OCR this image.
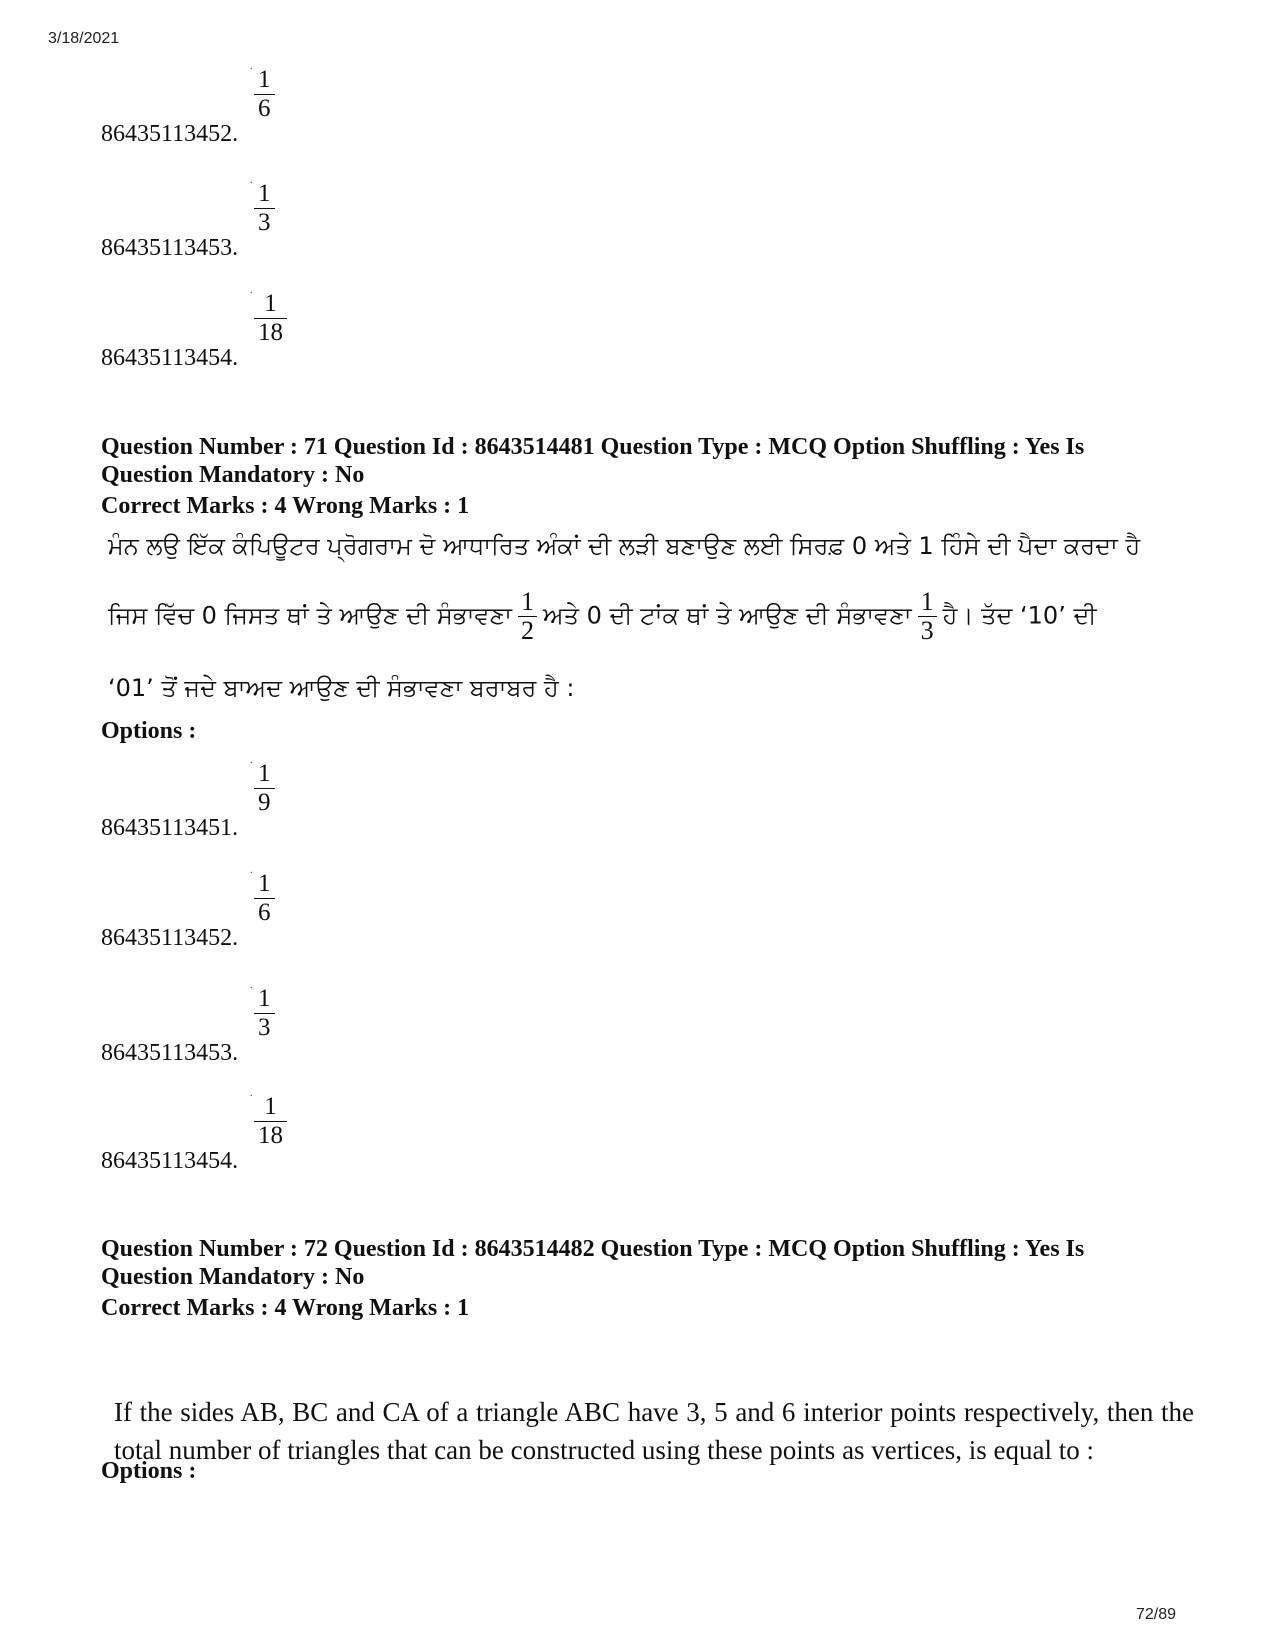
3/18/2021
. 1
6
86435113452.
. 1
3
86435113453.
. 1
18
86435113454.
Question Number : 71 Question Id : 8643514481 Question Type : MCQ Option Shuffling : Yes Is Question Mandatory : No
Correct Marks : 4 Wrong Marks : 1
ਮੰਨ ਲਉ ਇੱਕ ਕੰਪਿਊਟਰ ਪ੍ਰੋਗਰਾਮ ਦੋ ਆਧਾਰਿਤ ਅੰਕਾਂ ਦੀ ਲੜੀ ਬਣਾਉਣ ਲਈ ਸਿਰਫ਼ 0 ਅਤੇ 1 ਹਿੰਸੇ ਦੀ ਪੈਦਾ ਕਰਦਾ ਹੈ
ਜਿਸ ਵਿੱਚ 0 ਜਿਸਤ ਥਾਂ ਤੇ ਆਉਣ ਦੀ ਸੰਭਾਵਣਾ $\frac{1}{2}$ ਅਤੇ 0 ਦੀ ਟਾਂਕ ਥਾਂ ਤੇ ਆਉਣ ਦੀ ਸੰਭਾਵਣਾ $\frac{1}{3}$ ਹੈ। ਤੱਦ ‘10’ ਦੀ
‘01’ ਤੋਂ ਜਦੇ ਬਾਅਦ ਆਉਣ ਦੀ ਸੰਭਾਵਣਾ ਬਰਾਬਰ ਹੈ :
Options :
. 1
9
86435113451.
. 1
6
86435113452.
. 1
3
86435113453.
. 1
18
86435113454.
Question Number : 72 Question Id : 8643514482 Question Type : MCQ Option Shuffling : Yes Is Question Mandatory : No
Correct Marks : 4 Wrong Marks : 1
If the sides AB, BC and CA of a triangle ABC have 3, 5 and 6 interior points respectively, then the total number of triangles that can be constructed using these points as vertices, is equal to :
Options :
72/89
